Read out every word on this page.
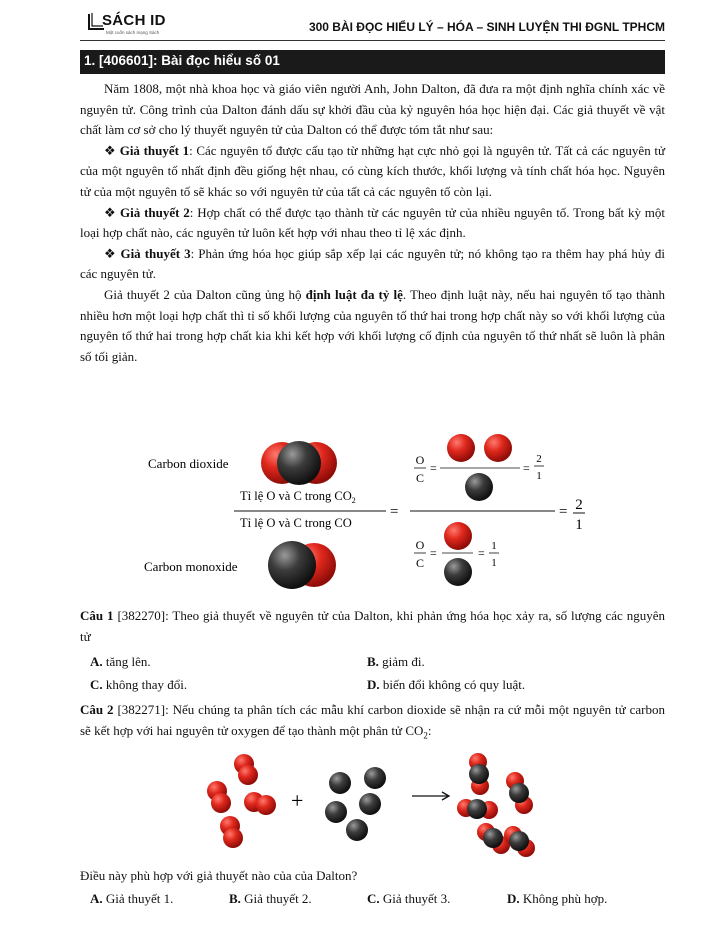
SÁCH ID
Một cuốn sách mạng Sách	300 BÀI ĐỌC HIỂU LÝ – HÓA – SINH LUYỆN THI ĐGNL TPHCM
1. [406601]: Bài đọc hiểu số 01

Năm 1808, một nhà khoa học và giáo viên người Anh, John Dalton, đã đưa ra một định nghĩa chính xác về nguyên tử. Công trình của Dalton đánh dấu sự khởi đầu của kỷ nguyên hóa học hiện đại. Các giả thuyết về vật chất làm cơ sở cho lý thuyết nguyên tử của Dalton có thể được tóm tắt như sau:

❖ Giả thuyết 1: Các nguyên tố được cấu tạo từ những hạt cực nhỏ gọi là nguyên tử. Tất cả các nguyên tử của một nguyên tố nhất định đều giống hệt nhau, có cùng kích thước, khối lượng và tính chất hóa học. Nguyên tử của một nguyên tố sẽ khác so với nguyên tử của tất cả các nguyên tố còn lại.

❖ Giả thuyết 2: Hợp chất có thể được tạo thành từ các nguyên tử của nhiều nguyên tố. Trong bất kỳ một loại hợp chất nào, các nguyên tử luôn kết hợp với nhau theo tỉ lệ xác định.

❖ Giả thuyết 3: Phản ứng hóa học giúp sắp xếp lại các nguyên tử; nó không tạo ra thêm hay phá hủy đi các nguyên tử.

Giả thuyết 2 của Dalton cũng ủng hộ định luật đa tỷ lệ. Theo định luật này, nếu hai nguyên tố tạo thành nhiều hơn một loại hợp chất thì tỉ số khối lượng của nguyên tố thứ hai trong hợp chất này so với khối lượng của nguyên tố thứ hai trong hợp chất kia khi kết hợp với khối lượng cố định của nguyên tố thứ nhất sẽ luôn là phân số tối giản.

Carbon dioxide
Carbon monoxide
Tỉ lệ O và C trong $CO_2$
Tỉ lệ O và C trong CO
=	= 2
1
O
C
=	=
2
1
O
C
=	= 1
1

Câu 1 [382270]: Theo giả thuyết về nguyên tử của Dalton, khi phản ứng hóa học xảy ra, số lượng các nguyên tử

A. tăng lên.	B. giảm đi.
C. không thay đổi.	D. biến đổi không có quy luật.

Câu 2 [382271]: Nếu chúng ta phân tích các mẫu khí carbon dioxide sẽ nhận ra cứ mỗi một nguyên tử carbon sẽ kết hợp với hai nguyên tử oxygen để tạo thành một phân tử $CO_2$:

+

Điều này phù hợp với giả thuyết nào của của Dalton?

A. Giả thuyết 1.	B. Giả thuyết 2.	C. Giả thuyết 3.	D. Không phù hợp.
